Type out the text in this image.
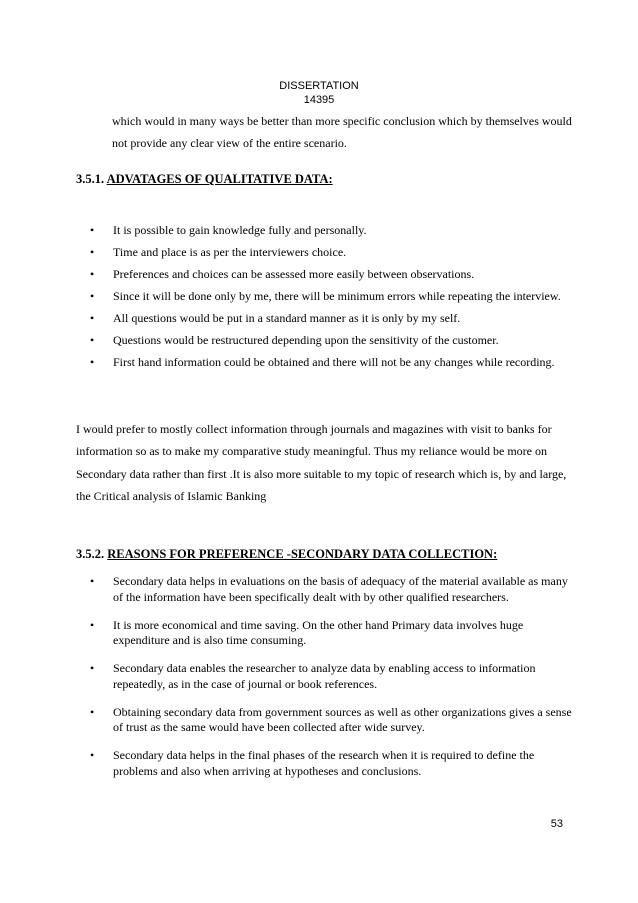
DISSERTATION
14395
which would in many ways be better than more specific conclusion which by themselves would not provide any clear view of the entire scenario.
3.5.1. ADVATAGES OF QUALITATIVE DATA:
• It is possible to gain knowledge fully and personally.
• Time and place is as per the interviewers choice.
• Preferences and choices can be assessed more easily between observations.
• Since it will be done only by me, there will be minimum errors while repeating the interview.
• All questions would be put in a standard manner as it is only by my self.
• Questions would be restructured depending upon the sensitivity of the customer.
• First hand information could be obtained and there will not be any changes while recording.
I would prefer to mostly collect information through journals and magazines with visit to banks for information so as to make my comparative study meaningful. Thus my reliance would be more on Secondary data rather than first .It is also more suitable to my topic of research which is, by and large, the Critical analysis of Islamic Banking
3.5.2. REASONS FOR PREFERENCE -SECONDARY DATA COLLECTION:
• Secondary data helps in evaluations on the basis of adequacy of the material available as many of the information have been specifically dealt with by other qualified researchers.
• It is more economical and time saving. On the other hand Primary data involves huge expenditure and is also time consuming.
• Secondary data enables the researcher to analyze data by enabling access to information repeatedly, as in the case of journal or book references.
• Obtaining secondary data from government sources as well as other organizations gives a sense of trust as the same would have been collected after wide survey.
• Secondary data helps in the final phases of the research when it is required to define the problems and also when arriving at hypotheses and conclusions.
53
